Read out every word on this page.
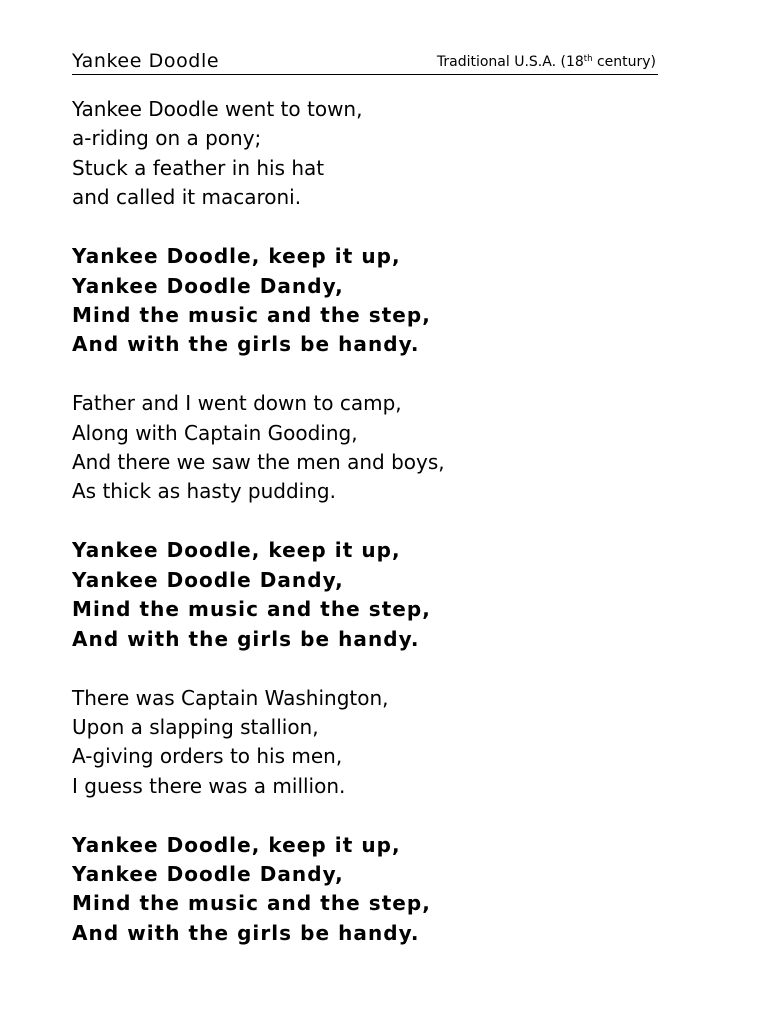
Yankee Doodle	Traditional U.S.A. (18th century)
Yankee Doodle went to town,
a-riding on a pony;
Stuck a feather in his hat
and called it macaroni.
Yankee Doodle, keep it up,
Yankee Doodle Dandy,
Mind the music and the step,
And with the girls be handy.
Father and I went down to camp,
Along with Captain Gooding,
And there we saw the men and boys,
As thick as hasty pudding.
Yankee Doodle, keep it up,
Yankee Doodle Dandy,
Mind the music and the step,
And with the girls be handy.
There was Captain Washington,
Upon a slapping stallion,
A-giving orders to his men,
I guess there was a million.
Yankee Doodle, keep it up,
Yankee Doodle Dandy,
Mind the music and the step,
And with the girls be handy.
